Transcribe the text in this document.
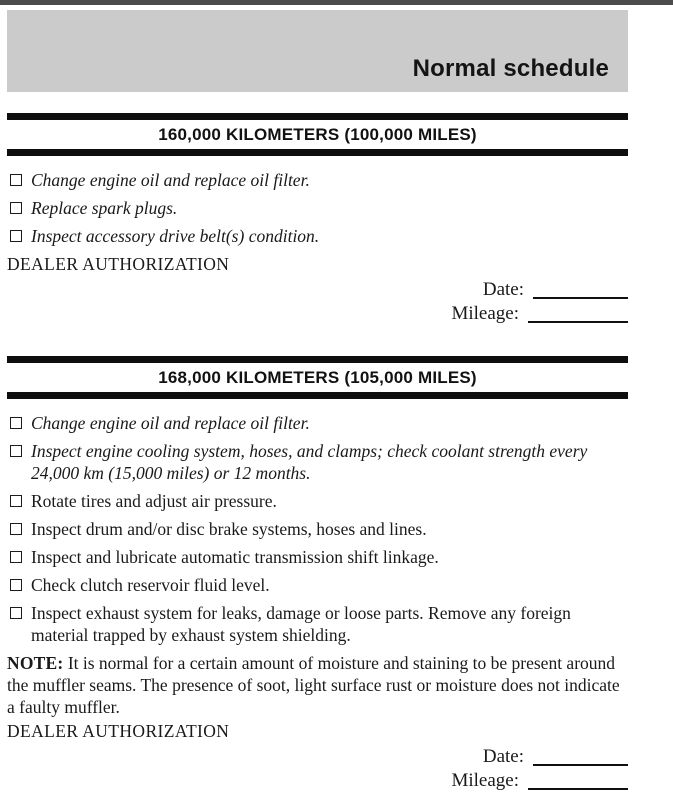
Normal schedule
160,000 KILOMETERS (100,000 MILES)
Change engine oil and replace oil filter.
Replace spark plugs.
Inspect accessory drive belt(s) condition.
DEALER AUTHORIZATION
Date:
Mileage:
168,000 KILOMETERS (105,000 MILES)
Change engine oil and replace oil filter.
Inspect engine cooling system, hoses, and clamps; check coolant strength every 24,000 km (15,000 miles) or 12 months.
Rotate tires and adjust air pressure.
Inspect drum and/or disc brake systems, hoses and lines.
Inspect and lubricate automatic transmission shift linkage.
Check clutch reservoir fluid level.
Inspect exhaust system for leaks, damage or loose parts. Remove any foreign material trapped by exhaust system shielding.

NOTE: It is normal for a certain amount of moisture and staining to be present around the muffler seams. The presence of soot, light surface rust or moisture does not indicate a faulty muffler.

DEALER AUTHORIZATION
Date:
Mileage:
